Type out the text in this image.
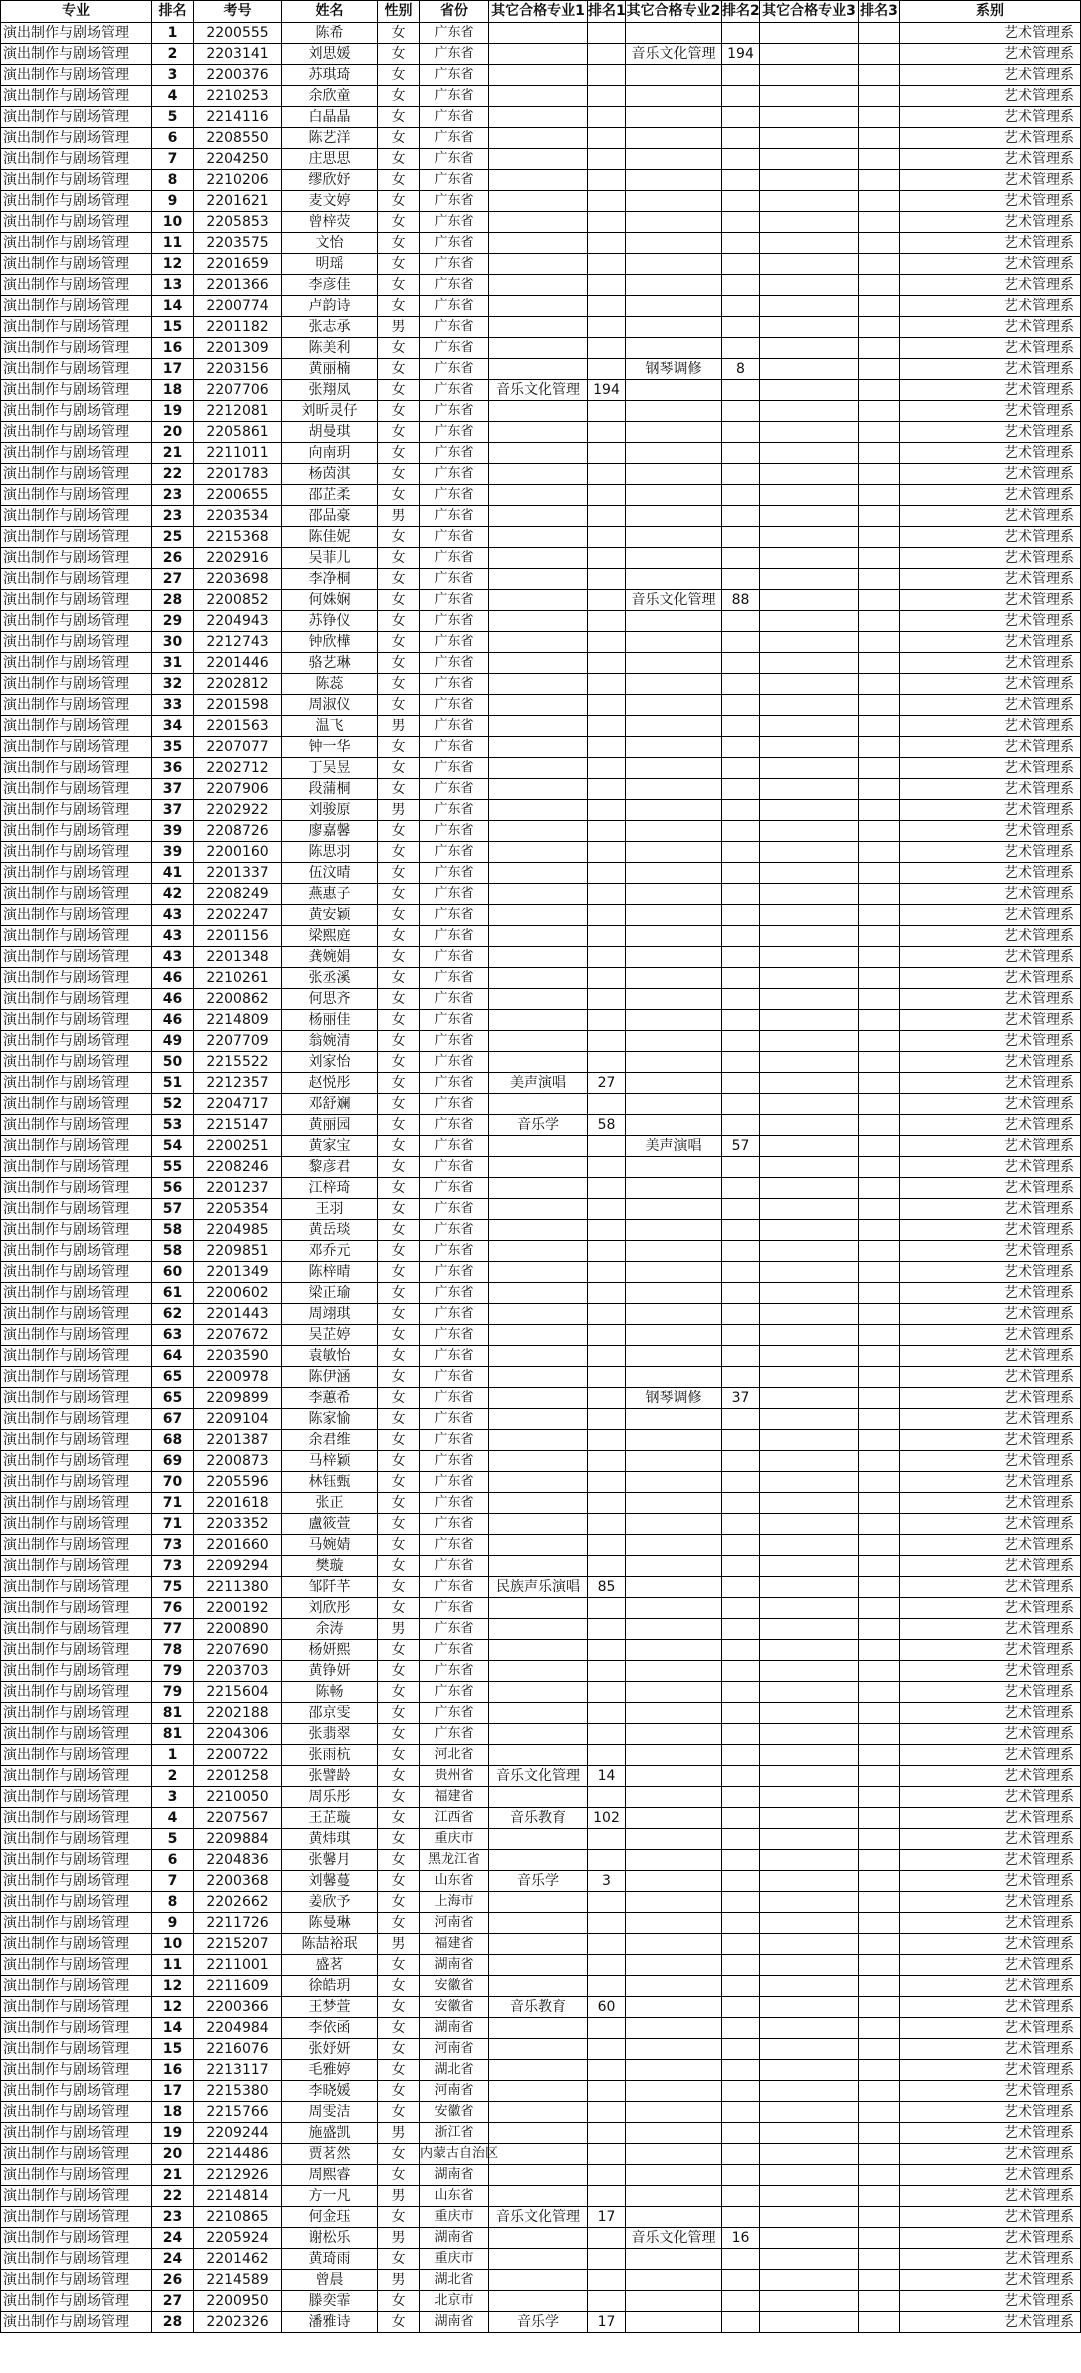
专业	排名	考号	姓名	性别	省份	其它合格专业1	排名1	其它合格专业2	排名2	其它合格专业3	排名3	系别
演出制作与剧场管理	1	2200555	陈希	女	广东省							艺术管理系
演出制作与剧场管理	2	2203141	刘思媛	女	广东省			音乐文化管理	194			艺术管理系
演出制作与剧场管理	3	2200376	苏琪琦	女	广东省							艺术管理系
演出制作与剧场管理	4	2210253	余欣童	女	广东省							艺术管理系
演出制作与剧场管理	5	2214116	白晶晶	女	广东省							艺术管理系
演出制作与剧场管理	6	2208550	陈艺洋	女	广东省							艺术管理系
演出制作与剧场管理	7	2204250	庄思思	女	广东省							艺术管理系
演出制作与剧场管理	8	2210206	缪欣妤	女	广东省							艺术管理系
演出制作与剧场管理	9	2201621	麦文婷	女	广东省							艺术管理系
演出制作与剧场管理	10	2205853	曾梓荧	女	广东省							艺术管理系
演出制作与剧场管理	11	2203575	文怡	女	广东省							艺术管理系
演出制作与剧场管理	12	2201659	明瑶	女	广东省							艺术管理系
演出制作与剧场管理	13	2201366	李彦佳	女	广东省							艺术管理系
演出制作与剧场管理	14	2200774	卢韵诗	女	广东省							艺术管理系
演出制作与剧场管理	15	2201182	张志承	男	广东省							艺术管理系
演出制作与剧场管理	16	2201309	陈美利	女	广东省							艺术管理系
演出制作与剧场管理	17	2203156	黄丽楠	女	广东省			钢琴调修	8			艺术管理系
演出制作与剧场管理	18	2207706	张翔凤	女	广东省	音乐文化管理	194					艺术管理系
演出制作与剧场管理	19	2212081	刘昕灵仔	女	广东省							艺术管理系
演出制作与剧场管理	20	2205861	胡曼琪	女	广东省							艺术管理系
演出制作与剧场管理	21	2211011	向南玥	女	广东省							艺术管理系
演出制作与剧场管理	22	2201783	杨茵淇	女	广东省							艺术管理系
演出制作与剧场管理	23	2200655	邵芷柔	女	广东省							艺术管理系
演出制作与剧场管理	23	2203534	邵品豪	男	广东省							艺术管理系
演出制作与剧场管理	25	2215368	陈佳妮	女	广东省							艺术管理系
演出制作与剧场管理	26	2202916	吴菲儿	女	广东省							艺术管理系
演出制作与剧场管理	27	2203698	李净桐	女	广东省							艺术管理系
演出制作与剧场管理	28	2200852	何姝娴	女	广东省			音乐文化管理	88			艺术管理系
演出制作与剧场管理	29	2204943	苏铮仪	女	广东省							艺术管理系
演出制作与剧场管理	30	2212743	钟欣樺	女	广东省							艺术管理系
演出制作与剧场管理	31	2201446	骆艺琳	女	广东省							艺术管理系
演出制作与剧场管理	32	2202812	陈蕊	女	广东省							艺术管理系
演出制作与剧场管理	33	2201598	周淑仪	女	广东省							艺术管理系
演出制作与剧场管理	34	2201563	温飞	男	广东省							艺术管理系
演出制作与剧场管理	35	2207077	钟一华	女	广东省							艺术管理系
演出制作与剧场管理	36	2202712	丁吴昱	女	广东省							艺术管理系
演出制作与剧场管理	37	2207906	段蒲桐	女	广东省							艺术管理系
演出制作与剧场管理	37	2202922	刘骏原	男	广东省							艺术管理系
演出制作与剧场管理	39	2208726	廖嘉馨	女	广东省							艺术管理系
演出制作与剧场管理	39	2200160	陈思羽	女	广东省							艺术管理系
演出制作与剧场管理	41	2201337	伍汶晴	女	广东省							艺术管理系
演出制作与剧场管理	42	2208249	燕惠子	女	广东省							艺术管理系
演出制作与剧场管理	43	2202247	黄安颖	女	广东省							艺术管理系
演出制作与剧场管理	43	2201156	梁熙庭	女	广东省							艺术管理系
演出制作与剧场管理	43	2201348	龚婉娟	女	广东省							艺术管理系
演出制作与剧场管理	46	2210261	张丞溪	女	广东省							艺术管理系
演出制作与剧场管理	46	2200862	何思齐	女	广东省							艺术管理系
演出制作与剧场管理	46	2214809	杨丽佳	女	广东省							艺术管理系
演出制作与剧场管理	49	2207709	翁婉清	女	广东省							艺术管理系
演出制作与剧场管理	50	2215522	刘家怡	女	广东省							艺术管理系
演出制作与剧场管理	51	2212357	赵悦彤	女	广东省	美声演唱	27					艺术管理系
演出制作与剧场管理	52	2204717	邓舒斓	女	广东省							艺术管理系
演出制作与剧场管理	53	2215147	黄丽园	女	广东省	音乐学	58					艺术管理系
演出制作与剧场管理	54	2200251	黄家宝	女	广东省			美声演唱	57			艺术管理系
演出制作与剧场管理	55	2208246	黎彦君	女	广东省							艺术管理系
演出制作与剧场管理	56	2201237	江梓琦	女	广东省							艺术管理系
演出制作与剧场管理	57	2205354	王羽	女	广东省							艺术管理系
演出制作与剧场管理	58	2204985	黄岳琰	女	广东省							艺术管理系
演出制作与剧场管理	58	2209851	邓乔元	女	广东省							艺术管理系
演出制作与剧场管理	60	2201349	陈梓晴	女	广东省							艺术管理系
演出制作与剧场管理	61	2200602	梁正瑜	女	广东省							艺术管理系
演出制作与剧场管理	62	2201443	周翊琪	女	广东省							艺术管理系
演出制作与剧场管理	63	2207672	吴芷婷	女	广东省							艺术管理系
演出制作与剧场管理	64	2203590	袁敏怡	女	广东省							艺术管理系
演出制作与剧场管理	65	2200978	陈伊涵	女	广东省							艺术管理系
演出制作与剧场管理	65	2209899	李蕙希	女	广东省			钢琴调修	37			艺术管理系
演出制作与剧场管理	67	2209104	陈家愉	女	广东省							艺术管理系
演出制作与剧场管理	68	2201387	余君维	女	广东省							艺术管理系
演出制作与剧场管理	69	2200873	马梓颖	女	广东省							艺术管理系
演出制作与剧场管理	70	2205596	林钰甄	女	广东省							艺术管理系
演出制作与剧场管理	71	2201618	张正	女	广东省							艺术管理系
演出制作与剧场管理	71	2203352	盧筱萱	女	广东省							艺术管理系
演出制作与剧场管理	73	2201660	马婉婧	女	广东省							艺术管理系
演出制作与剧场管理	73	2209294	樊璇	女	广东省							艺术管理系
演出制作与剧场管理	75	2211380	邹阡芊	女	广东省	民族声乐演唱	85					艺术管理系
演出制作与剧场管理	76	2200192	刘欣彤	女	广东省							艺术管理系
演出制作与剧场管理	77	2200890	余涛	男	广东省							艺术管理系
演出制作与剧场管理	78	2207690	杨妍熙	女	广东省							艺术管理系
演出制作与剧场管理	79	2203703	黄铮妍	女	广东省							艺术管理系
演出制作与剧场管理	79	2215604	陈畅	女	广东省							艺术管理系
演出制作与剧场管理	81	2202188	邵京雯	女	广东省							艺术管理系
演出制作与剧场管理	81	2204306	张翡翠	女	广东省							艺术管理系
演出制作与剧场管理	1	2200722	张雨杭	女	河北省							艺术管理系
演出制作与剧场管理	2	2201258	张譬龄	女	贵州省	音乐文化管理	14					艺术管理系
演出制作与剧场管理	3	2210050	周乐彤	女	福建省							艺术管理系
演出制作与剧场管理	4	2207567	王芷璇	女	江西省	音乐教育	102					艺术管理系
演出制作与剧场管理	5	2209884	黄炜琪	女	重庆市							艺术管理系
演出制作与剧场管理	6	2204836	张馨月	女	黑龙江省							艺术管理系
演出制作与剧场管理	7	2200368	刘馨蔓	女	山东省	音乐学	3					艺术管理系
演出制作与剧场管理	8	2202662	姜欣予	女	上海市							艺术管理系
演出制作与剧场管理	9	2211726	陈曼琳	女	河南省							艺术管理系
演出制作与剧场管理	10	2215207	陈喆裕珉	男	福建省							艺术管理系
演出制作与剧场管理	11	2211001	盛茗	女	湖南省							艺术管理系
演出制作与剧场管理	12	2211609	徐皓玥	女	安徽省							艺术管理系
演出制作与剧场管理	12	2200366	王梦萱	女	安徽省	音乐教育	60					艺术管理系
演出制作与剧场管理	14	2204984	李依函	女	湖南省							艺术管理系
演出制作与剧场管理	15	2216076	张妤妍	女	河南省							艺术管理系
演出制作与剧场管理	16	2213117	毛雅婷	女	湖北省							艺术管理系
演出制作与剧场管理	17	2215380	李晓媛	女	河南省							艺术管理系
演出制作与剧场管理	18	2215766	周雯洁	女	安徽省							艺术管理系
演出制作与剧场管理	19	2209244	施盛凯	男	浙江省							艺术管理系
演出制作与剧场管理	20	2214486	贾茗然	女	内蒙古自治区							艺术管理系
演出制作与剧场管理	21	2212926	周熙睿	女	湖南省							艺术管理系
演出制作与剧场管理	22	2214814	方一凡	男	山东省							艺术管理系
演出制作与剧场管理	23	2210865	何金珏	女	重庆市	音乐文化管理	17					艺术管理系
演出制作与剧场管理	24	2205924	谢松乐	男	湖南省			音乐文化管理	16			艺术管理系
演出制作与剧场管理	24	2201462	黄琦雨	女	重庆市							艺术管理系
演出制作与剧场管理	26	2214589	曾晨	男	湖北省							艺术管理系
演出制作与剧场管理	27	2200950	滕奕霏	女	北京市							艺术管理系
演出制作与剧场管理	28	2202326	潘雅诗	女	湖南省	音乐学	17					艺术管理系
